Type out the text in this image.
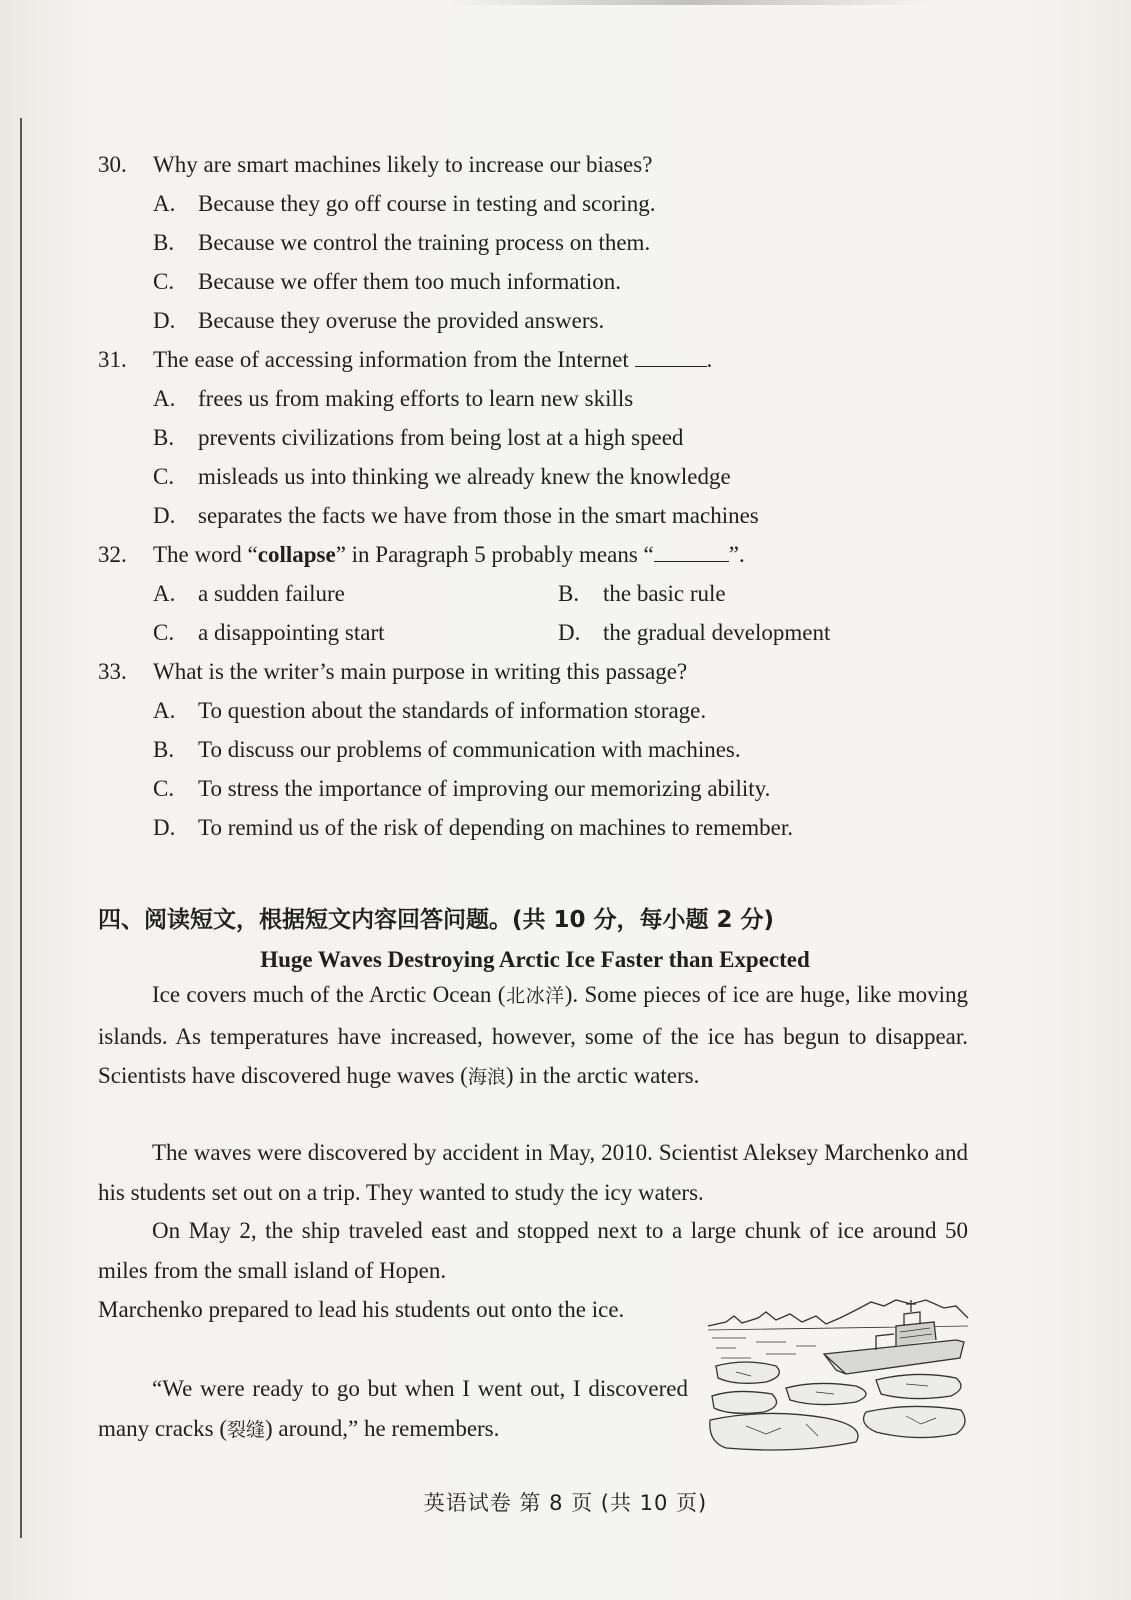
30. Why are smart machines likely to increase our biases?
A. Because they go off course in testing and scoring.
B. Because we control the training process on them.
C. Because we offer them too much information.
D. Because they overuse the provided answers.
31. The ease of accessing information from the Internet	.
A. frees us from making efforts to learn new skills
B. prevents civilizations from being lost at a high speed
C. misleads us into thinking we already knew the knowledge
D. separates the facts we have from those in the smart machines
32. The word “collapse” in Paragraph 5 probably means “	”.
A. a sudden failure	B. the basic rule
C. a disappointing start	D. the gradual development
33. What is the writer’s main purpose in writing this passage?
A. To question about the standards of information storage.
B. To discuss our problems of communication with machines.
C. To stress the importance of improving our memorizing ability.
D. To remind us of the risk of depending on machines to remember.
四、阅读短文，根据短文内容回答问题。(共 10 分，每小题 2 分)
Huge Waves Destroying Arctic Ice Faster than Expected
Ice covers much of the Arctic Ocean (北冰洋). Some pieces of ice are huge, like moving islands. As temperatures have increased, however, some of the ice has begun to disappear. Scientists have discovered huge waves (海浪) in the arctic waters.
The waves were discovered by accident in May, 2010. Scientist Aleksey Marchenko and his students set out on a trip. They wanted to study the icy waters.
On May 2, the ship traveled east and stopped next to a large chunk of ice around 50 miles from the small island of Hopen.
Marchenko prepared to lead his students out onto the ice.
“We were ready to go but when I went out, I discovered many cracks (裂缝) around,” he remembers.
英语试卷 第 8 页 (共 10 页)
